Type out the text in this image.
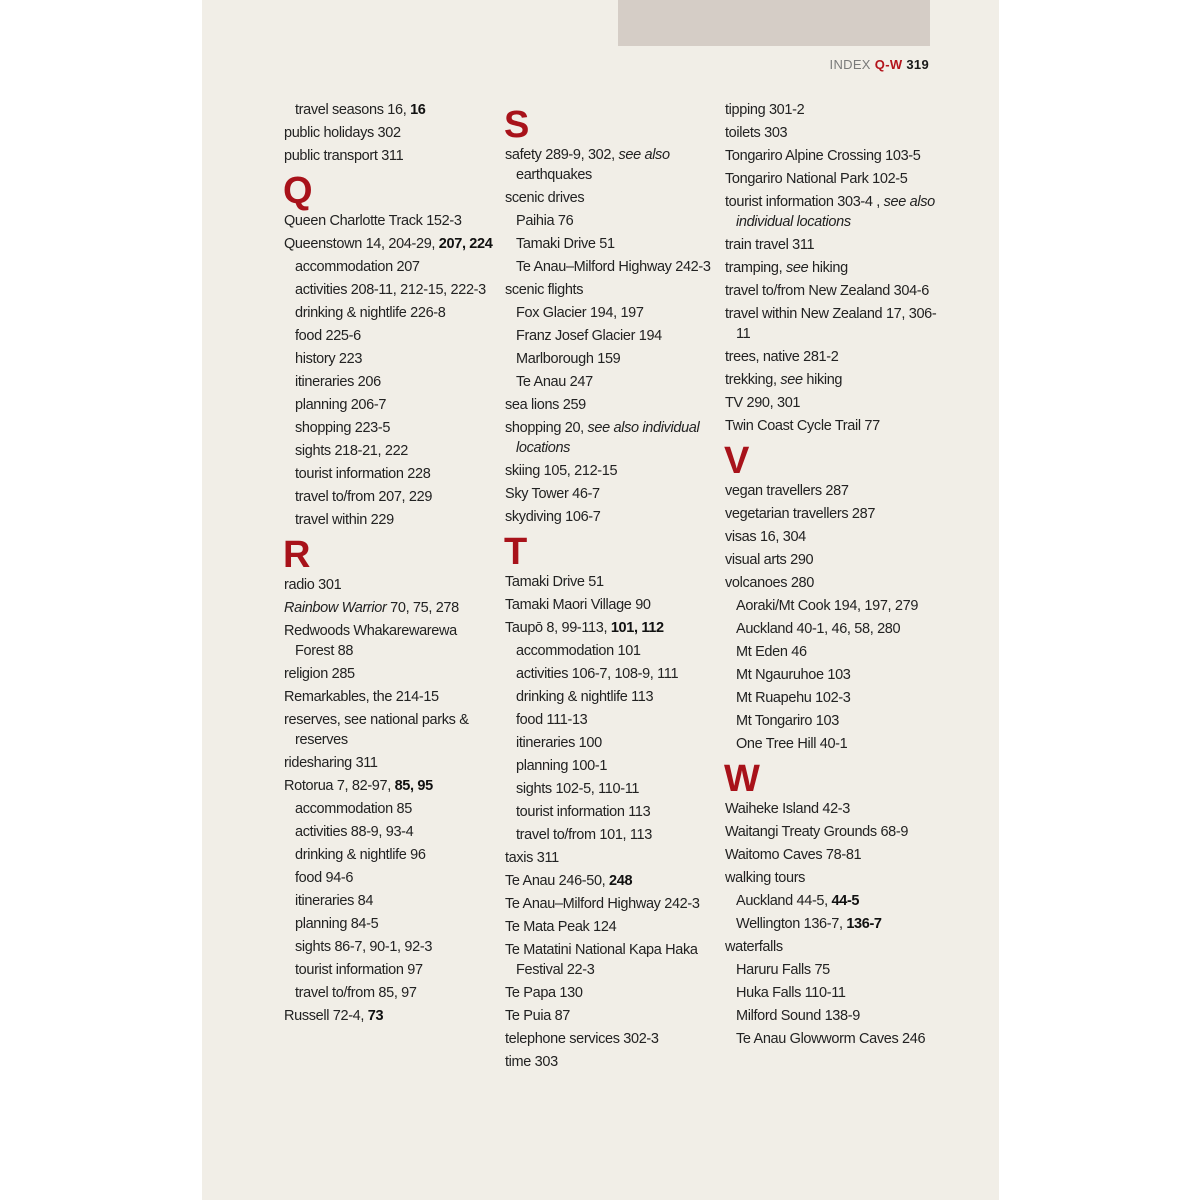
INDEX Q-W 319
travel seasons 16, 16
public holidays 302
public transport 311
Q
Queen Charlotte Track 152-3
Queenstown 14, 204-29, 207, 224
accommodation 207
activities 208-11, 212-15, 222-3
drinking & nightlife 226-8
food 225-6
history 223
itineraries 206
planning 206-7
shopping 223-5
sights 218-21, 222
tourist information 228
travel to/from 207, 229
travel within 229
R
radio 301
Rainbow Warrior 70, 75, 278
Redwoods Whakarewarewa Forest 88
religion 285
Remarkables, the 214-15
reserves, see national parks & reserves
ridesharing 311
Rotorua 7, 82-97, 85, 95
accommodation 85
activities 88-9, 93-4
drinking & nightlife 96
food 94-6
itineraries 84
planning 84-5
sights 86-7, 90-1, 92-3
tourist information 97
travel to/from 85, 97
Russell 72-4, 73
S
safety 289-9, 302, see also earthquakes
scenic drives
Paihia 76
Tamaki Drive 51
Te Anau–Milford Highway 242-3
scenic flights
Fox Glacier 194, 197
Franz Josef Glacier 194
Marlborough 159
Te Anau 247
sea lions 259
shopping 20, see also individual locations
skiing 105, 212-15
Sky Tower 46-7
skydiving 106-7
T
Tamaki Drive 51
Tamaki Maori Village 90
Taupō 8, 99-113, 101, 112
accommodation 101
activities 106-7, 108-9, 111
drinking & nightlife 113
food 111-13
itineraries 100
planning 100-1
sights 102-5, 110-11
tourist information 113
travel to/from 101, 113
taxis 311
Te Anau 246-50, 248
Te Anau–Milford Highway 242-3
Te Mata Peak 124
Te Matatini National Kapa Haka Festival 22-3
Te Papa 130
Te Puia 87
telephone services 302-3
time 303
tipping 301-2
toilets 303
Tongariro Alpine Crossing 103-5
Tongariro National Park 102-5
tourist information 303-4 , see also individual locations
train travel 311
tramping, see hiking
travel to/from New Zealand 304-6
travel within New Zealand 17, 306-11
trees, native 281-2
trekking, see hiking
TV 290, 301
Twin Coast Cycle Trail 77
V
vegan travellers 287
vegetarian travellers 287
visas 16, 304
visual arts 290
volcanoes 280
Aoraki/Mt Cook 194, 197, 279
Auckland 40-1, 46, 58, 280
Mt Eden 46
Mt Ngauruhoe 103
Mt Ruapehu 102-3
Mt Tongariro 103
One Tree Hill 40-1
W
Waiheke Island 42-3
Waitangi Treaty Grounds 68-9
Waitomo Caves 78-81
walking tours
Auckland 44-5, 44-5
Wellington 136-7, 136-7
waterfalls
Haruru Falls 75
Huka Falls 110-11
Milford Sound 138-9
Te Anau Glowworm Caves 246
